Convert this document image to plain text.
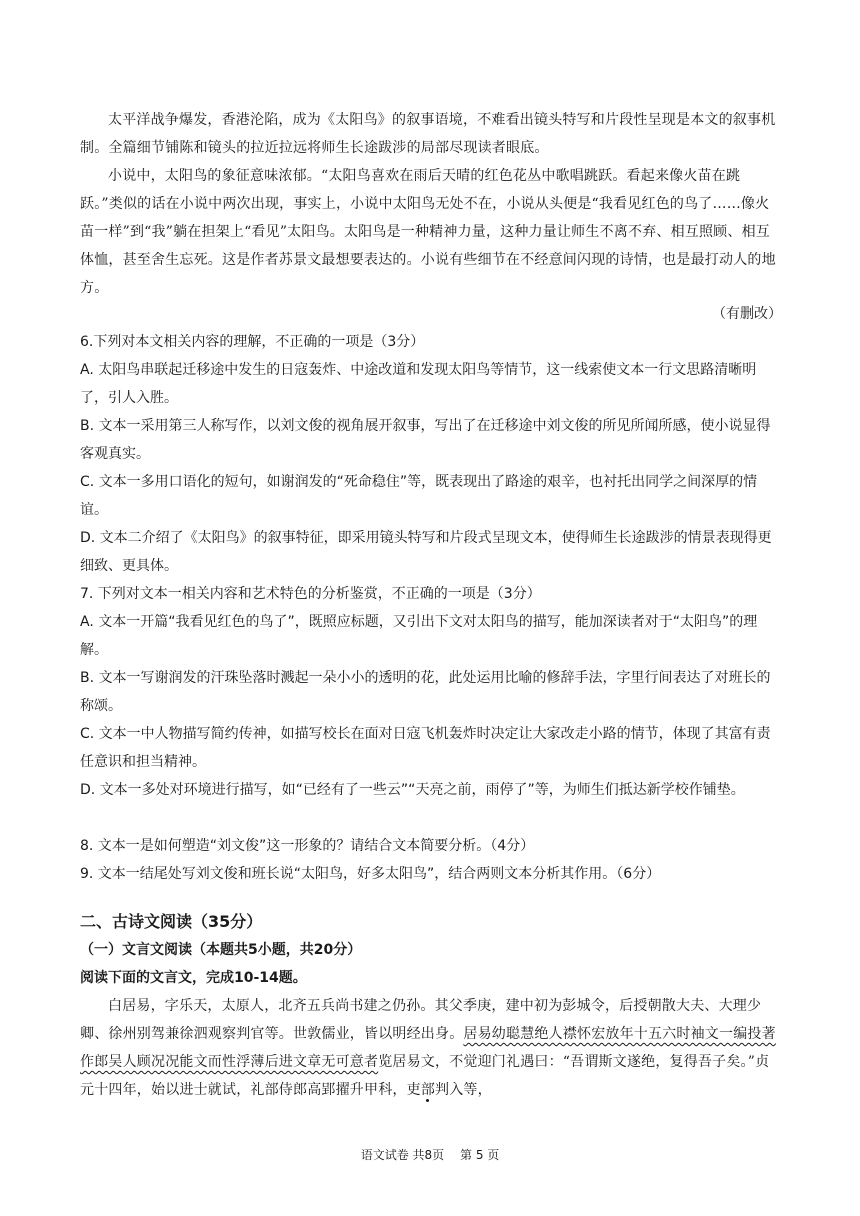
太平洋战争爆发，香港沦陷，成为《太阳鸟》的叙事语境，不难看出镜头特写和片段性呈现是本文的叙事机制。全篇细节铺陈和镜头的拉近拉远将师生长途跋涉的局部尽现读者眼底。

小说中，太阳鸟的象征意味浓郁。“太阳鸟喜欢在雨后天晴的红色花丛中歌唱跳跃。看起来像火苗在跳跃。”类似的话在小说中两次出现，事实上，小说中太阳鸟无处不在，小说从头便是“我看见红色的鸟了……像火苗一样”到“我”躺在担架上“看见”太阳鸟。太阳鸟是一种精神力量，这种力量让师生不离不弃、相互照顾、相互体恤，甚至舍生忘死。这是作者苏景文最想要表达的。小说有些细节在不经意间闪现的诗情，也是最打动人的地方。

（有删改）

6.下列对本文相关内容的理解，不正确的一项是（3分）

A. 太阳鸟串联起迁移途中发生的日寇轰炸、中途改道和发现太阳鸟等情节，这一线索使文本一行文思路清晰明了，引人入胜。

B. 文本一采用第三人称写作，以刘文俊的视角展开叙事，写出了在迁移途中刘文俊的所见所闻所感，使小说显得客观真实。

C. 文本一多用口语化的短句，如谢润发的“死命稳住”等，既表现出了路途的艰辛，也衬托出同学之间深厚的情谊。

D. 文本二介绍了《太阳鸟》的叙事特征，即采用镜头特写和片段式呈现文本，使得师生长途跋涉的情景表现得更细致、更具体。

7. 下列对文本一相关内容和艺术特色的分析鉴赏，不正确的一项是（3分）

A. 文本一开篇“我看见红色的鸟了”，既照应标题，又引出下文对太阳鸟的描写，能加深读者对于“太阳鸟”的理解。

B. 文本一写谢润发的汗珠坠落时溅起一朵小小的透明的花，此处运用比喻的修辞手法，字里行间表达了对班长的称颂。

C. 文本一中人物描写简约传神，如描写校长在面对日寇飞机轰炸时决定让大家改走小路的情节，体现了其富有责任意识和担当精神。

D. 文本一多处对环境进行描写，如“已经有了一些云”“天亮之前，雨停了”等，为师生们抵达新学校作铺垫。

8. 文本一是如何塑造“刘文俊”这一形象的？请结合文本简要分析。（4分）
9. 文本一结尾处写刘文俊和班长说“太阳鸟，好多太阳鸟”，结合两则文本分析其作用。（6分）
二、古诗文阅读（35分）
（一）文言文阅读（本题共5小题，共20分）
阅读下面的文言文，完成10-14题。

白居易，字乐天，太原人，北齐五兵尚书建之仍孙。其父季庚，建中初为彭城令，后授朝散大夫、大理少卿、徐州别驾兼徐泗观察判官等。世敦儒业，皆以明经出身。居易幼聪慧绝人襟怀宏放年十五六时袖文一编投著作郎吴人顾况况能文而性浮薄后进文章无可意者览居易文，不觉迎门礼遇曰：“吾谓斯文遂绝，复得吾子矣。”贞元十四年，始以进士就试，礼部侍郎高郢擢升甲科，吏部判入等，

语文试卷 共8页 第 5 页
